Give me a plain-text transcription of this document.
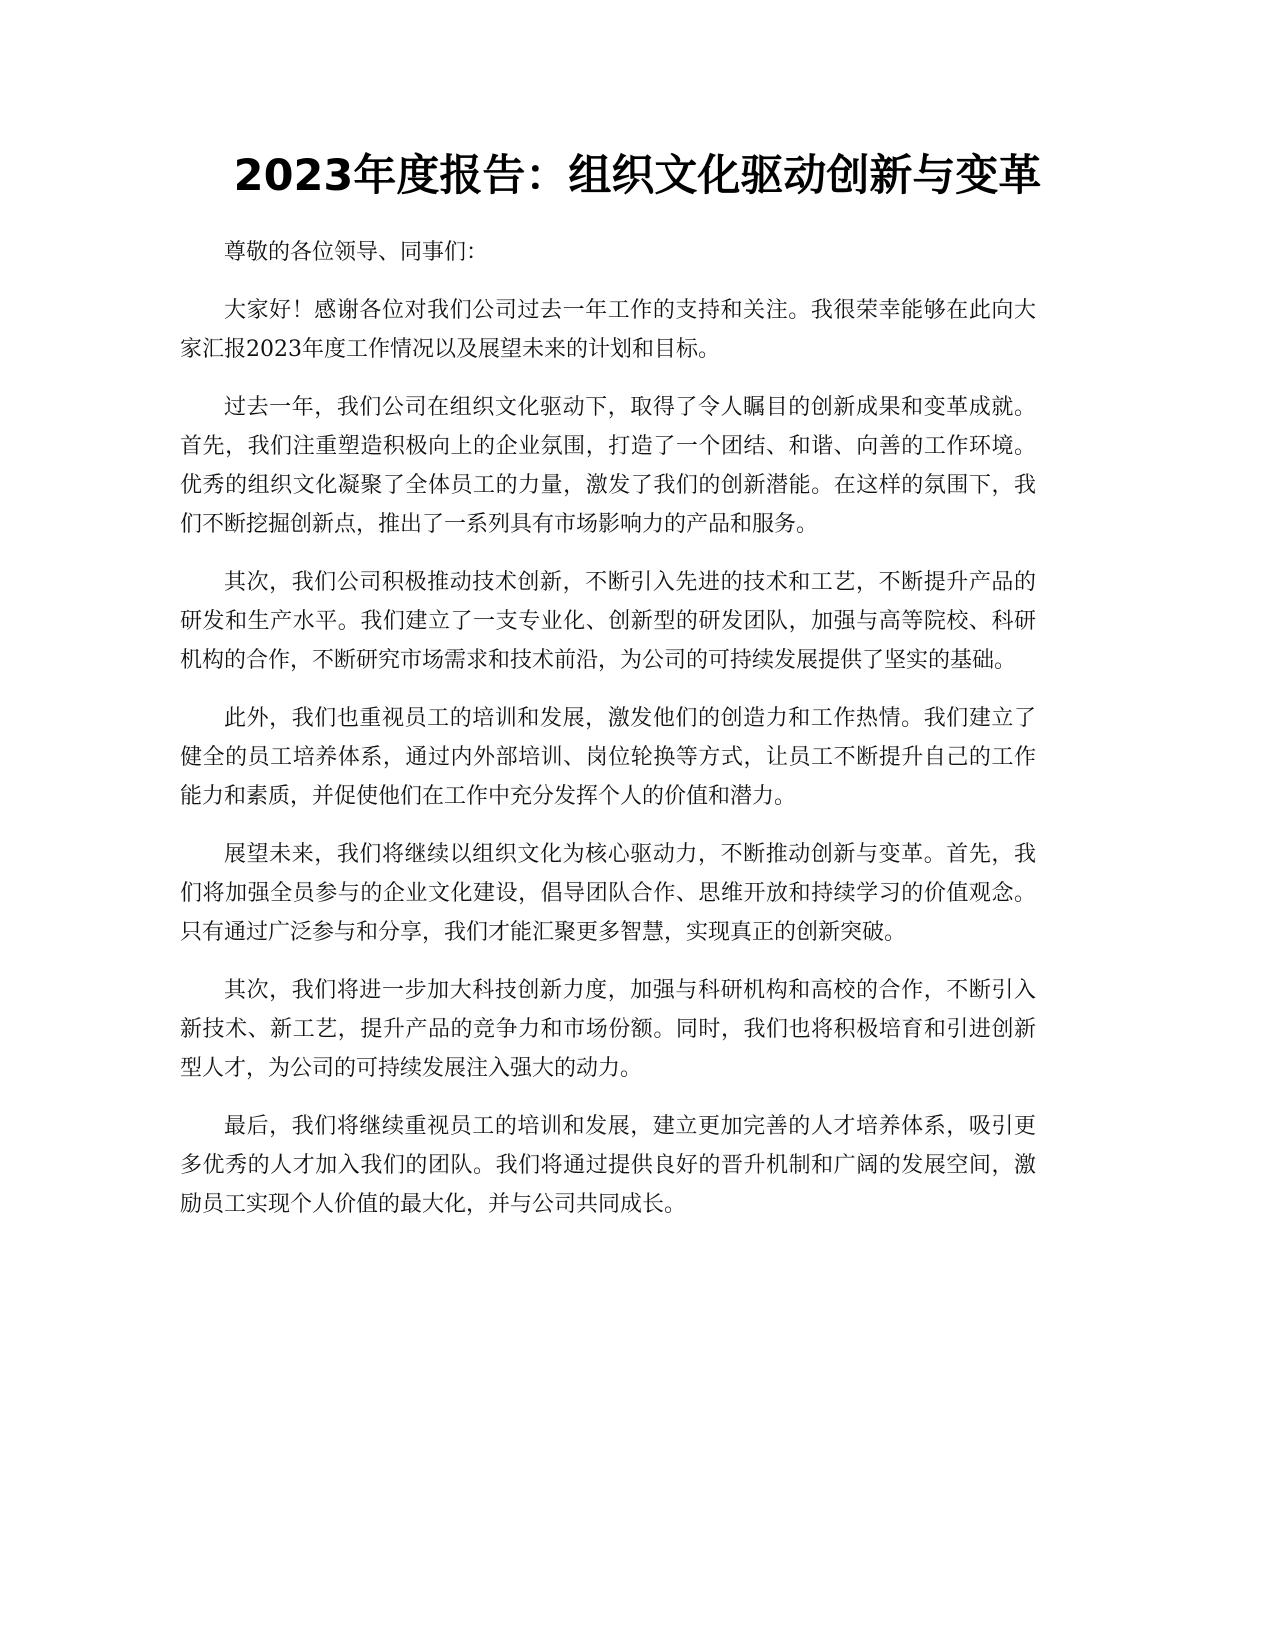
2023年度报告：组织文化驱动创新与变革

尊敬的各位领导、同事们：

大家好！感谢各位对我们公司过去一年工作的支持和关注。我很荣幸能够在此向大家汇报2023年度工作情况以及展望未来的计划和目标。

过去一年，我们公司在组织文化驱动下，取得了令人瞩目的创新成果和变革成就。首先，我们注重塑造积极向上的企业氛围，打造了一个团结、和谐、向善的工作环境。优秀的组织文化凝聚了全体员工的力量，激发了我们的创新潜能。在这样的氛围下，我们不断挖掘创新点，推出了一系列具有市场影响力的产品和服务。

其次，我们公司积极推动技术创新，不断引入先进的技术和工艺，不断提升产品的研发和生产水平。我们建立了一支专业化、创新型的研发团队，加强与高等院校、科研机构的合作，不断研究市场需求和技术前沿，为公司的可持续发展提供了坚实的基础。

此外，我们也重视员工的培训和发展，激发他们的创造力和工作热情。我们建立了健全的员工培养体系，通过内外部培训、岗位轮换等方式，让员工不断提升自己的工作能力和素质，并促使他们在工作中充分发挥个人的价值和潜力。

展望未来，我们将继续以组织文化为核心驱动力，不断推动创新与变革。首先，我们将加强全员参与的企业文化建设，倡导团队合作、思维开放和持续学习的价值观念。只有通过广泛参与和分享，我们才能汇聚更多智慧，实现真正的创新突破。

其次，我们将进一步加大科技创新力度，加强与科研机构和高校的合作，不断引入新技术、新工艺，提升产品的竞争力和市场份额。同时，我们也将积极培育和引进创新型人才，为公司的可持续发展注入强大的动力。

最后，我们将继续重视员工的培训和发展，建立更加完善的人才培养体系，吸引更多优秀的人才加入我们的团队。我们将通过提供良好的晋升机制和广阔的发展空间，激励员工实现个人价值的最大化，并与公司共同成长。
